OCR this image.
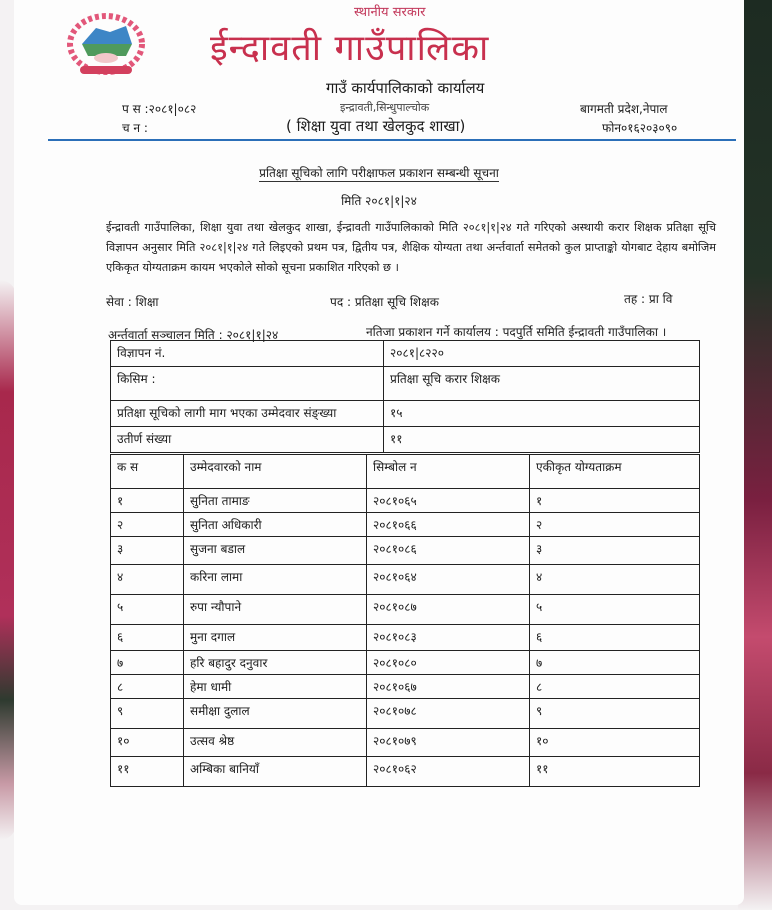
स्थानीय सरकार
ईन्दावती गाउँपालिका
गाउँ कार्यपालिकाको कार्यालय
इन्द्रावती,सिन्धुपाल्चोक
( शिक्षा युवा तथा खेलकुद शाखा)
प स :२०८१|०८२
च न :
बागमती प्रदेश,नेपाल
फोन०१६२०३०९०
प्रतिक्षा सूचिको लागि परीक्षाफल प्रकाशन सम्बन्धी सूचना
मिति २०८१|१|२४
ईन्द्रावती गाउँपालिका, शिक्षा युवा तथा खेलकुद शाखा, ईन्द्रावती गाउँपालिकाको मिति २०८१|१|२४ गते गरिएको अस्थायी करार शिक्षक प्रतिक्षा सूचि विज्ञापन अनुसार मिति २०८१|१|२४ गते लिइएको प्रथम पत्र, द्वितीय पत्र, शैक्षिक योग्यता तथा अर्न्तवार्ता समेतको कुल प्राप्ताङ्को योगबाट देहाय बमोजिम एकिकृत योग्यताक्रम कायम भएकोले सोको सूचना प्रकाशित गरिएको छ ।
सेवा : शिक्षा	पद : प्रतिक्षा सूचि शिक्षक	तह : प्रा वि
अर्न्तवार्ता सञ्चालन मिति : २०८१|१|२४	नतिजा प्रकाशन गर्ने कार्यालय : पदपुर्ति समिति ईन्द्रावती गाउँपालिका ।
विज्ञापन नं.	२०८१|८२२०
किसिम :	प्रतिक्षा सूचि करार शिक्षक
प्रतिक्षा सूचिको लागी माग भएका उम्मेदवार संङ्ख्या	१५
उतीर्ण संख्या	११
क स	उम्मेदवारको नाम	सिम्बोल न	एकीकृत योग्यताक्रम
१	सुनिता तामाङ	२०८१०६५	१
२	सुनिता अधिकारी	२०८१०६६	२
३	सुजना बडाल	२०८१०८६	३
४	करिना लामा	२०८१०६४	४
५	रुपा न्यौपाने	२०८१०८७	५
६	मुना दगाल	२०८१०८३	६
७	हरि बहादुर दनुवार	२०८१०८०	७
८	हेमा धामी	२०८१०६७	८
९	समीक्षा दुलाल	२०८१०७८	९
१०	उत्सव श्रेष्ठ	२०८१०७९	१०
११	अम्बिका बानियाँ	२०८१०६२	११
